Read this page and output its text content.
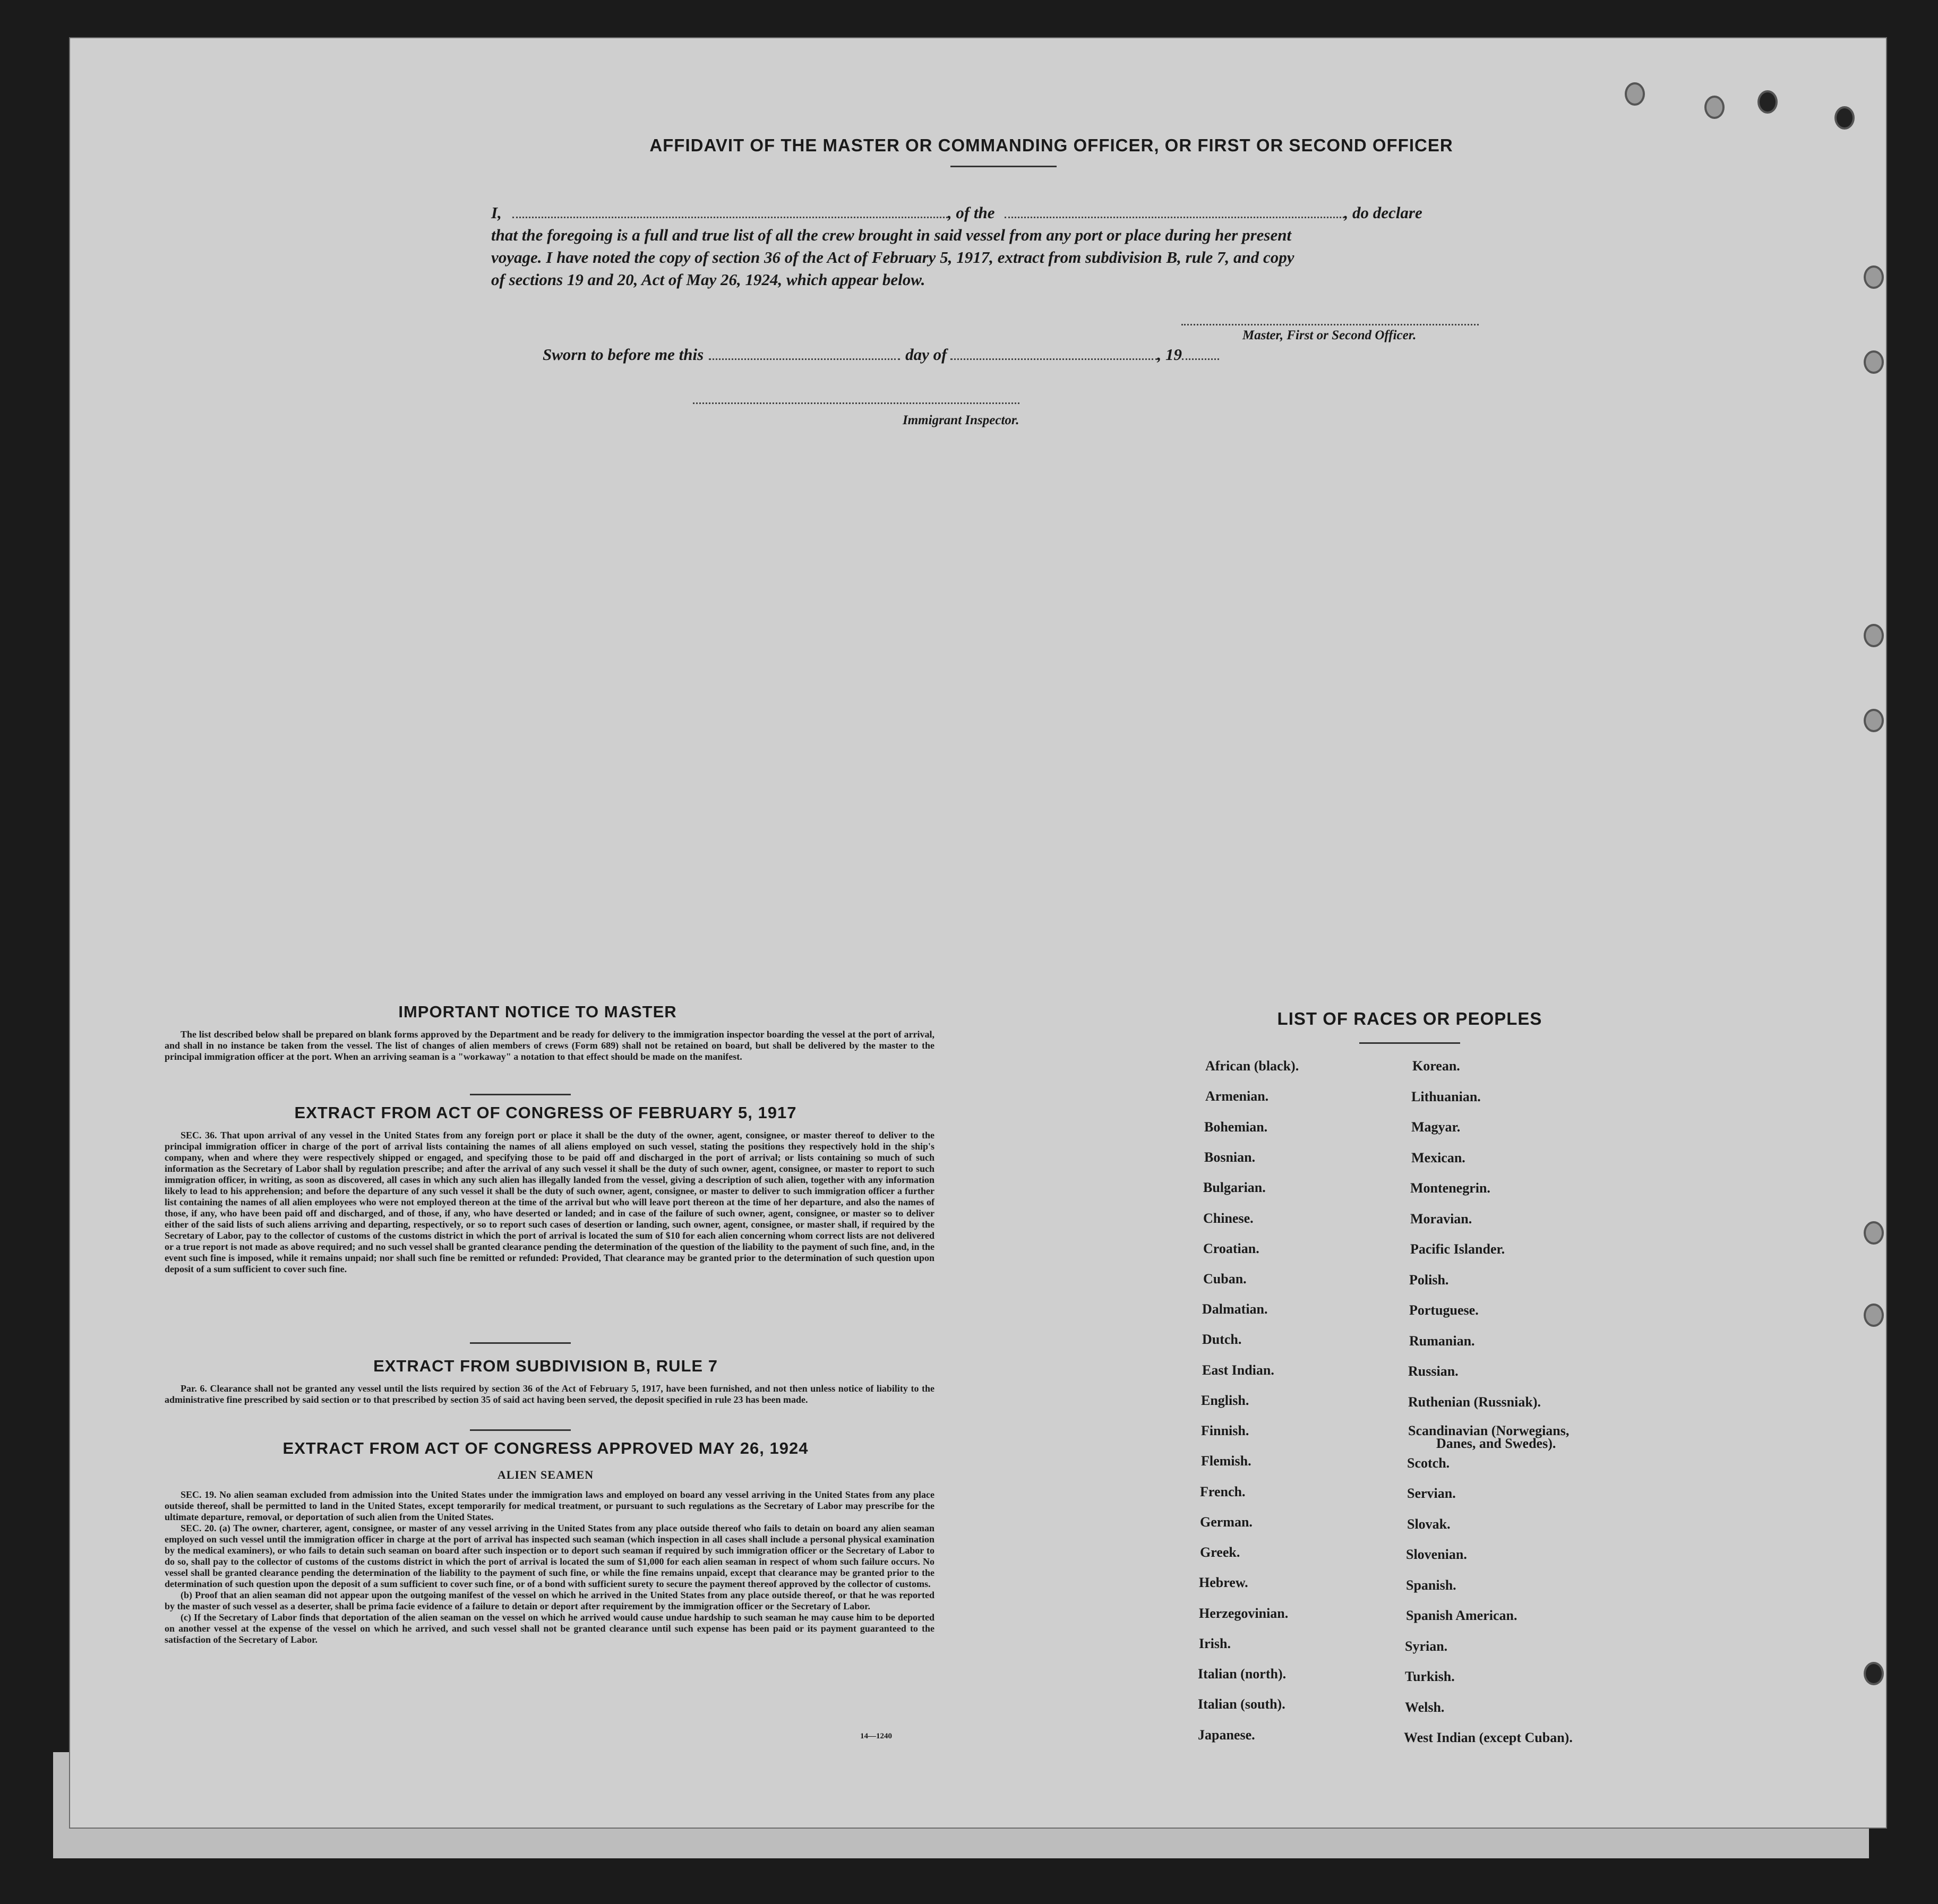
AFFIDAVIT OF THE MASTER OR COMMANDING OFFICER, OR FIRST OR SECOND OFFICER
I,	, of the	, do declare
that the foregoing is a full and true list of all the crew brought in said vessel from any port or place during her present
voyage. I have noted the copy of section 36 of the Act of February 5, 1917, extract from subdivision B, rule 7, and copy
of sections 19 and 20, Act of May 26, 1924, which appear below.
Master, First or Second Officer.
Sworn to before me this	day of	, 19
Immigrant Inspector.
IMPORTANT NOTICE TO MASTER
The list described below shall be prepared on blank forms approved by the Department and be ready for delivery to the immigration inspector boarding the vessel at the port of arrival, and shall in no instance be taken from the vessel. The list of changes of alien members of crews (Form 689) shall not be retained on board, but shall be delivered by the master to the principal immigration officer at the port. When an arriving seaman is a "workaway" a notation to that effect should be made on the manifest.
EXTRACT FROM ACT OF CONGRESS OF FEBRUARY 5, 1917
SEC. 36. That upon arrival of any vessel in the United States from any foreign port or place it shall be the duty of the owner, agent, consignee, or master thereof to deliver to the principal immigration officer in charge of the port of arrival lists containing the names of all aliens employed on such vessel, stating the positions they respectively hold in the ship's company, when and where they were respectively shipped or engaged, and specifying those to be paid off and discharged in the port of arrival; or lists containing so much of such information as the Secretary of Labor shall by regulation prescribe; and after the arrival of any such vessel it shall be the duty of such owner, agent, consignee, or master to report to such immigration officer, in writing, as soon as discovered, all cases in which any such alien has illegally landed from the vessel, giving a description of such alien, together with any information likely to lead to his apprehension; and before the departure of any such vessel it shall be the duty of such owner, agent, consignee, or master to deliver to such immigration officer a further list containing the names of all alien employees who were not employed thereon at the time of the arrival but who will leave port thereon at the time of her departure, and also the names of those, if any, who have been paid off and discharged, and of those, if any, who have deserted or landed; and in case of the failure of such owner, agent, consignee, or master so to deliver either of the said lists of such aliens arriving and departing, respectively, or so to report such cases of desertion or landing, such owner, agent, consignee, or master shall, if required by the Secretary of Labor, pay to the collector of customs of the customs district in which the port of arrival is located the sum of $10 for each alien concerning whom correct lists are not delivered or a true report is not made as above required; and no such vessel shall be granted clearance pending the determination of the question of the liability to the payment of such fine, and, in the event such fine is imposed, while it remains unpaid; nor shall such fine be remitted or refunded: Provided, That clearance may be granted prior to the determination of such question upon deposit of a sum sufficient to cover such fine.
EXTRACT FROM SUBDIVISION B, RULE 7
Par. 6. Clearance shall not be granted any vessel until the lists required by section 36 of the Act of February 5, 1917, have been furnished, and not then unless notice of liability to the administrative fine prescribed by said section or to that prescribed by section 35 of said act having been served, the deposit specified in rule 23 has been made.
EXTRACT FROM ACT OF CONGRESS APPROVED MAY 26, 1924
ALIEN SEAMEN
SEC. 19. No alien seaman excluded from admission into the United States under the immigration laws and employed on board any vessel arriving in the United States from any place outside thereof, shall be permitted to land in the United States, except temporarily for medical treatment, or pursuant to such regulations as the Secretary of Labor may prescribe for the ultimate departure, removal, or deportation of such alien from the United States.
SEC. 20. (a) The owner, charterer, agent, consignee, or master of any vessel arriving in the United States from any place outside thereof who fails to detain on board any alien seaman employed on such vessel until the immigration officer in charge at the port of arrival has inspected such seaman (which inspection in all cases shall include a personal physical examination by the medical examiners), or who fails to detain such seaman on board after such inspection or to deport such seaman if required by such immigration officer or the Secretary of Labor to do so, shall pay to the collector of customs of the customs district in which the port of arrival is located the sum of $1,000 for each alien seaman in respect of whom such failure occurs. No vessel shall be granted clearance pending the determination of the liability to the payment of such fine, or while the fine remains unpaid, except that clearance may be granted prior to the determination of such question upon the deposit of a sum sufficient to cover such fine, or of a bond with sufficient surety to secure the payment thereof approved by the collector of customs.
(b) Proof that an alien seaman did not appear upon the outgoing manifest of the vessel on which he arrived in the United States from any place outside thereof, or that he was reported by the master of such vessel as a deserter, shall be prima facie evidence of a failure to detain or deport after requirement by the immigration officer or the Secretary of Labor.
(c) If the Secretary of Labor finds that deportation of the alien seaman on the vessel on which he arrived would cause undue hardship to such seaman he may cause him to be deported on another vessel at the expense of the vessel on which he arrived, and such vessel shall not be granted clearance until such expense has been paid or its payment guaranteed to the satisfaction of the Secretary of Labor.
14—1240
LIST OF RACES OR PEOPLES
African (black).
Armenian.
Bohemian.
Bosnian.
Bulgarian.
Chinese.
Croatian.
Cuban.
Dalmatian.
Dutch.
East Indian.
English.
Finnish.
Flemish.
French.
German.
Greek.
Hebrew.
Herzegovinian.
Irish.
Italian (north).
Italian (south).
Japanese.
Korean.
Lithuanian.
Magyar.
Mexican.
Montenegrin.
Moravian.
Pacific Islander.
Polish.
Portuguese.
Rumanian.
Russian.
Ruthenian (Russniak).
Scandinavian (Norwegians,
Danes, and Swedes).
Scotch.
Servian.
Slovak.
Slovenian.
Spanish.
Spanish American.
Syrian.
Turkish.
Welsh.
West Indian (except Cuban).
